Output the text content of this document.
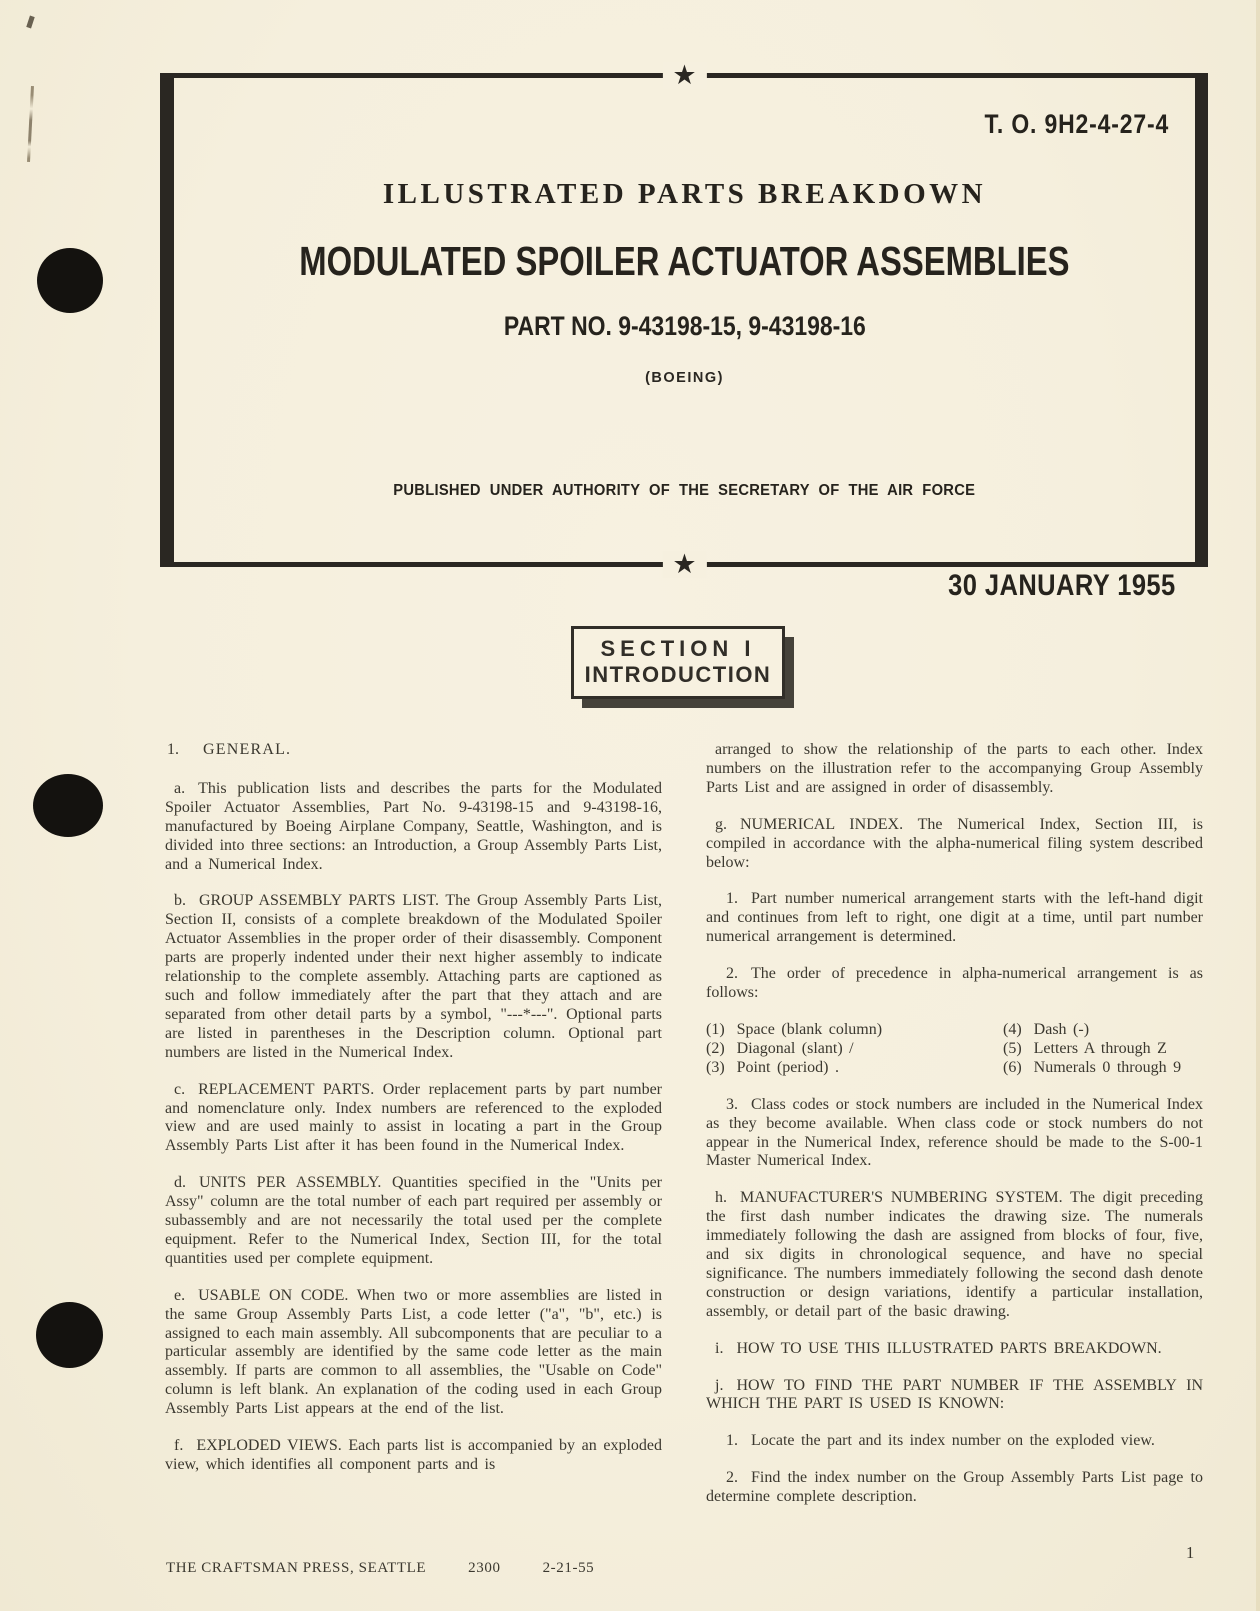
★
★
T. O. 9H2-4-27-4
ILLUSTRATED PARTS BREAKDOWN
MODULATED SPOILER ACTUATOR ASSEMBLIES
PART NO. 9-43198-15, 9-43198-16
(BOEING)
PUBLISHED UNDER AUTHORITY OF THE SECRETARY OF THE AIR FORCE
30 JANUARY 1955
SECTION I
INTRODUCTION

1. GENERAL.

a. This publication lists and describes the parts for the Modulated Spoiler Actuator Assemblies, Part No. 9-43198-15 and 9-43198-16, manufactured by Boeing Airplane Company, Seattle, Washington, and is divided into three sections: an Introduction, a Group Assembly Parts List, and a Numerical Index.

b. GROUP ASSEMBLY PARTS LIST. The Group Assembly Parts List, Section II, consists of a complete breakdown of the Modulated Spoiler Actuator Assemblies in the proper order of their disassembly. Component parts are properly indented under their next higher assembly to indicate relationship to the complete assembly. Attaching parts are captioned as such and follow immediately after the part that they attach and are separated from other detail parts by a symbol, "---*---". Optional parts are listed in parentheses in the Description column. Optional part numbers are listed in the Numerical Index.

c. REPLACEMENT PARTS. Order replacement parts by part number and nomenclature only. Index numbers are referenced to the exploded view and are used mainly to assist in locating a part in the Group Assembly Parts List after it has been found in the Numerical Index.

d. UNITS PER ASSEMBLY. Quantities specified in the "Units per Assy" column are the total number of each part required per assembly or subassembly and are not necessarily the total used per the complete equipment. Refer to the Numerical Index, Section III, for the total quantities used per complete equipment.

e. USABLE ON CODE. When two or more assemblies are listed in the same Group Assembly Parts List, a code letter ("a", "b", etc.) is assigned to each main assembly. All subcomponents that are peculiar to a particular assembly are identified by the same code letter as the main assembly. If parts are common to all assemblies, the "Usable on Code" column is left blank. An explanation of the coding used in each Group Assembly Parts List appears at the end of the list.

f. EXPLODED VIEWS. Each parts list is accompanied by an exploded view, which identifies all component parts and is

arranged to show the relationship of the parts to each other. Index numbers on the illustration refer to the accompanying Group Assembly Parts List and are assigned in order of disassembly.

g. NUMERICAL INDEX. The Numerical Index, Section III, is compiled in accordance with the alpha-numerical filing system described below:

1. Part number numerical arrangement starts with the left-hand digit and continues from left to right, one digit at a time, until part number numerical arrangement is determined.

2. The order of precedence in alpha-numerical arrangement is as follows:

(1) Space (blank column)	(4) Dash (-)
(2) Diagonal (slant) /	(5) Letters A through Z
(3) Point (period) .	(6) Numerals 0 through 9

3. Class codes or stock numbers are included in the Numerical Index as they become available. When class code or stock numbers do not appear in the Numerical Index, reference should be made to the S-00-1 Master Numerical Index.

h. MANUFACTURER'S NUMBERING SYSTEM. The digit preceding the first dash number indicates the drawing size. The numerals immediately following the dash are assigned from blocks of four, five, and six digits in chronological sequence, and have no special significance. The numbers immediately following the second dash denote construction or design variations, identify a particular installation, assembly, or detail part of the basic drawing.

i. HOW TO USE THIS ILLUSTRATED PARTS BREAKDOWN.

j. HOW TO FIND THE PART NUMBER IF THE ASSEMBLY IN WHICH THE PART IS USED IS KNOWN:

1. Locate the part and its index number on the exploded view.

2. Find the index number on the Group Assembly Parts List page to determine complete description.

THE CRAFTSMAN PRESS, SEATTLE	2300	2-21-55
1
